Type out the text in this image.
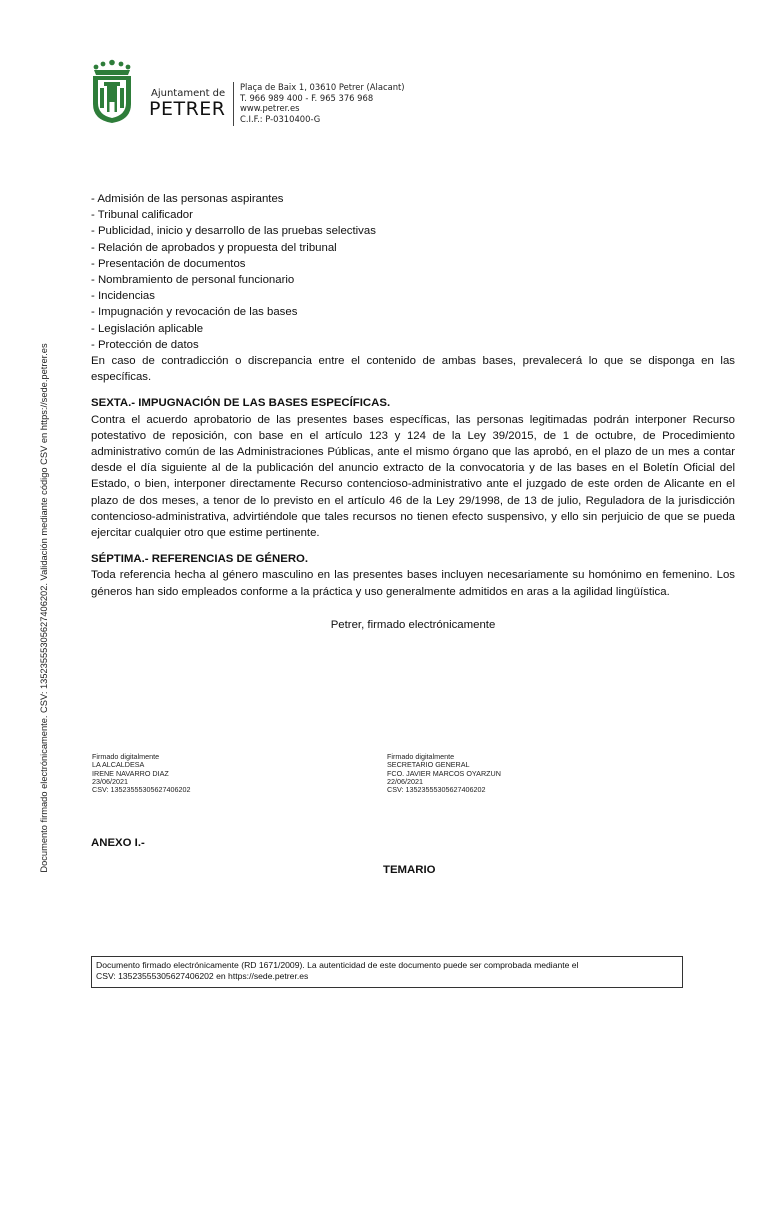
Documento firmado electrónicamente. CSV: 13523555305627406202. Validación mediante código CSV en https://sede.petrer.es
Ajuntament de
PETRER
Plaça de Baix 1, 03610 Petrer (Alacant)
T. 966 989 400 - F. 965 376 968
www.petrer.es
C.I.F.: P-0310400-G
- Admisión de las personas aspirantes
- Tribunal calificador
- Publicidad, inicio y desarrollo de las pruebas selectivas
- Relación de aprobados y propuesta del tribunal
- Presentación de documentos
- Nombramiento de personal funcionario
- Incidencias
- Impugnación y revocación de las bases
- Legislación aplicable
- Protección de datos

En caso de contradicción o discrepancia entre el contenido de ambas bases, prevalecerá lo que se disponga en las específicas.

SEXTA.- IMPUGNACIÓN DE LAS BASES ESPECÍFICAS.

Contra el acuerdo aprobatorio de las presentes bases específicas, las personas legitimadas podrán interponer Recurso potestativo de reposición, con base en el artículo 123 y 124 de la Ley 39/2015, de 1 de octubre, de Procedimiento administrativo común de las Administraciones Públicas, ante el mismo órgano que las aprobó, en el plazo de un mes a contar desde el día siguiente al de la publicación del anuncio extracto de la convocatoria y de las bases en el Boletín Oficial del Estado, o bien, interponer directamente Recurso contencioso-administrativo ante el juzgado de este orden de Alicante en el plazo de dos meses, a tenor de lo previsto en el artículo 46 de la Ley 29/1998, de 13 de julio, Reguladora de la jurisdicción contencioso-administrativa, advirtiéndole que tales recursos no tienen efecto suspensivo, y ello sin perjuicio de que se pueda ejercitar cualquier otro que estime pertinente.

SÉPTIMA.- REFERENCIAS DE GÉNERO.

Toda referencia hecha al género masculino en las presentes bases incluyen necesariamente su homónimo en femenino. Los géneros han sido empleados conforme a la práctica y uso generalmente admitidos en aras a la agilidad lingüística.

Petrer, firmado electrónicamente

Firmado digitalmente
LA ALCALDESA
IRENE NAVARRO DIAZ
23/06/2021
CSV: 13523555305627406202
Firmado digitalmente
SECRETARIO GENERAL
FCO. JAVIER MARCOS OYARZUN
22/06/2021
CSV: 13523555305627406202
ANEXO I.-
TEMARIO
Documento firmado electrónicamente (RD 1671/2009). La autenticidad de este documento puede ser comprobada mediante el
CSV: 13523555305627406202 en https://sede.petrer.es
